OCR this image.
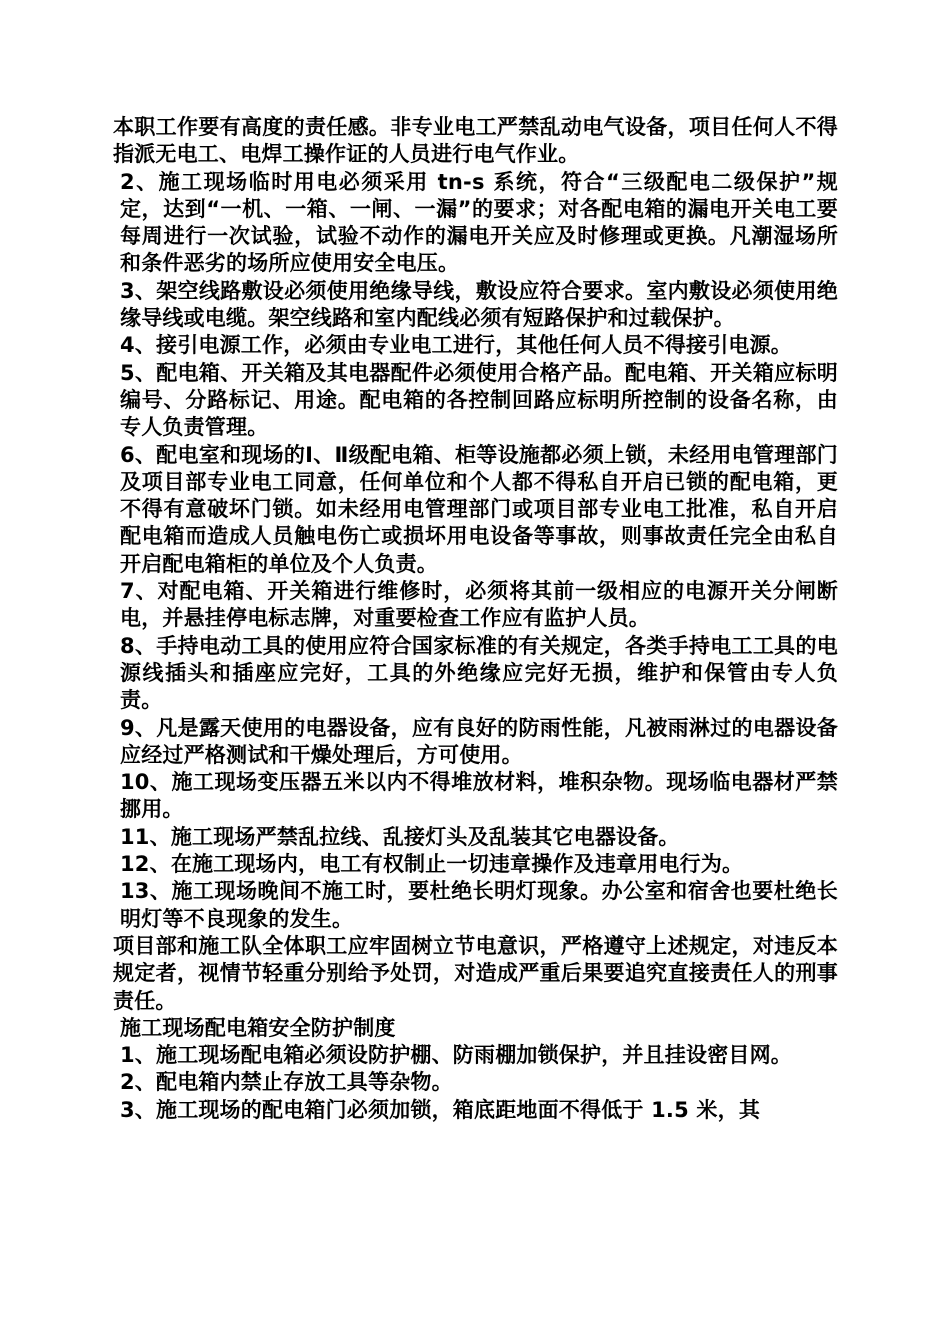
本职工作要有高度的责任感。非专业电工严禁乱动电气设备，项目任何人不得指派无电工、电焊工操作证的人员进行电气作业。

2、施工现场临时用电必须采用 tn-s 系统，符合“三级配电二级保护”规定，达到“一机、一箱、一闸、一漏”的要求；对各配电箱的漏电开关电工要每周进行一次试验，试验不动作的漏电开关应及时修理或更换。凡潮湿场所和条件恶劣的场所应使用安全电压。

3、架空线路敷设必须使用绝缘导线，敷设应符合要求。室内敷设必须使用绝缘导线或电缆。架空线路和室内配线必须有短路保护和过载保护。

4、接引电源工作，必须由专业电工进行，其他任何人员不得接引电源。

5、配电箱、开关箱及其电器配件必须使用合格产品。配电箱、开关箱应标明编号、分路标记、用途。配电箱的各控制回路应标明所控制的设备名称，由专人负责管理。

6、配电室和现场的Ⅰ、Ⅱ级配电箱、柜等设施都必须上锁，未经用电管理部门及项目部专业电工同意，任何单位和个人都不得私自开启已锁的配电箱，更不得有意破坏门锁。如未经用电管理部门或项目部专业电工批准，私自开启配电箱而造成人员触电伤亡或损坏用电设备等事故，则事故责任完全由私自开启配电箱柜的单位及个人负责。

7、对配电箱、开关箱进行维修时，必须将其前一级相应的电源开关分闸断电，并悬挂停电标志牌，对重要检查工作应有监护人员。

8、手持电动工具的使用应符合国家标准的有关规定，各类手持电工工具的电源线插头和插座应完好，工具的外绝缘应完好无损，维护和保管由专人负责。

9、凡是露天使用的电器设备，应有良好的防雨性能，凡被雨淋过的电器设备应经过严格测试和干燥处理后，方可使用。

10、施工现场变压器五米以内不得堆放材料，堆积杂物。现场临电器材严禁挪用。

11、施工现场严禁乱拉线、乱接灯头及乱装其它电器设备。

12、在施工现场内，电工有权制止一切违章操作及违章用电行为。

13、施工现场晚间不施工时，要杜绝长明灯现象。办公室和宿舍也要杜绝长明灯等不良现象的发生。

项目部和施工队全体职工应牢固树立节电意识，严格遵守上述规定，对违反本规定者，视情节轻重分别给予处罚，对造成严重后果要追究直接责任人的刑事责任。

施工现场配电箱安全防护制度

1、施工现场配电箱必须设防护棚、防雨棚加锁保护，并且挂设密目网。

2、配电箱内禁止存放工具等杂物。

3、施工现场的配电箱门必须加锁，箱底距地面不得低于 1.5 米，其
